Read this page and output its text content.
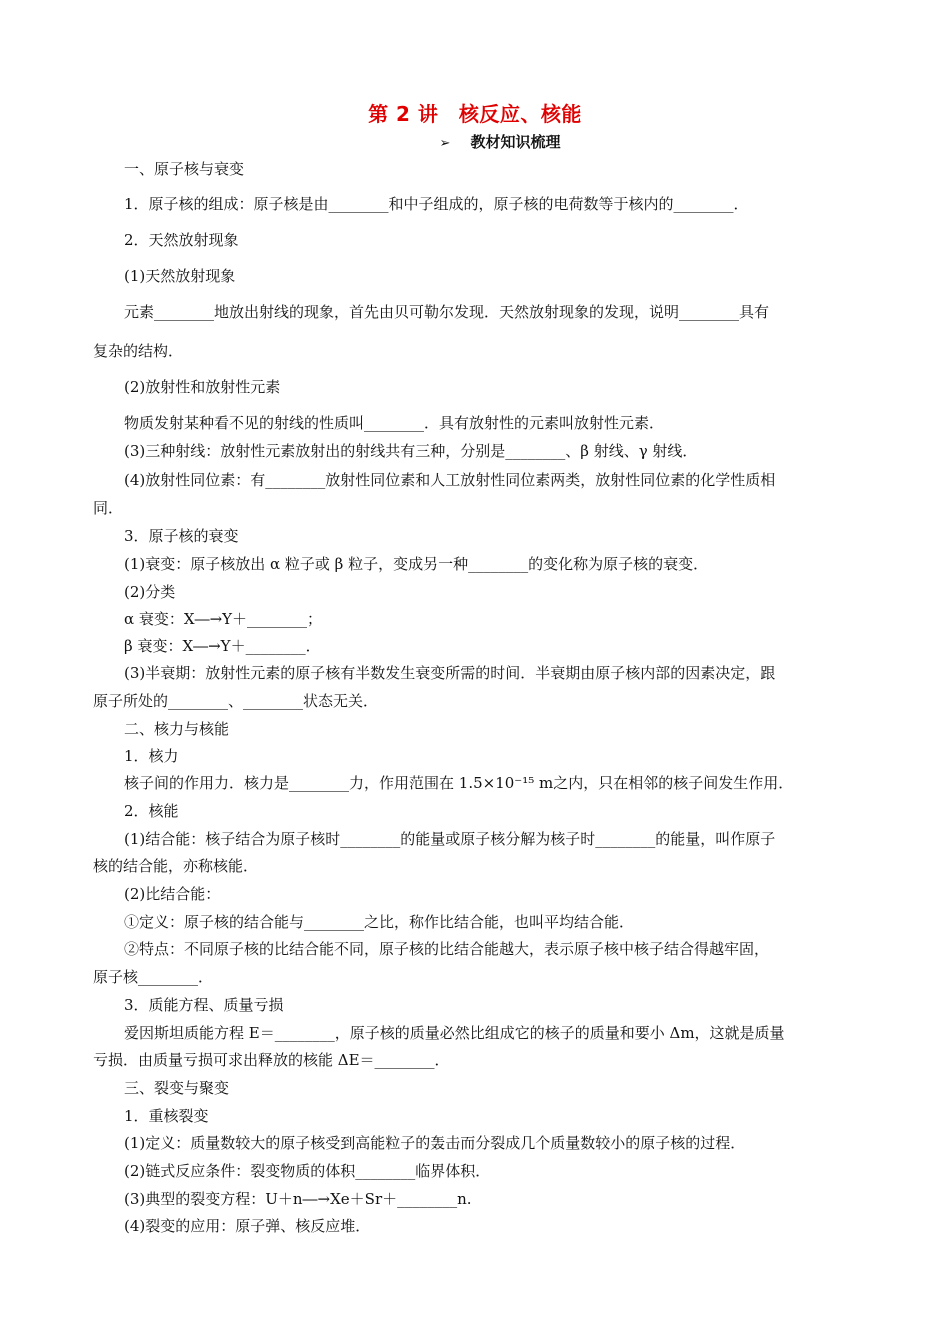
第 2 讲　核反应、核能
➢ 教材知识梳理
一、原子核与衰变
1．原子核的组成：原子核是由________和中子组成的，原子核的电荷数等于核内的________．
2．天然放射现象
(1)天然放射现象
元素________地放出射线的现象，首先由贝可勒尔发现．天然放射现象的发现，说明________具有
复杂的结构．
(2)放射性和放射性元素
物质发射某种看不见的射线的性质叫________．具有放射性的元素叫放射性元素．
(3)三种射线：放射性元素放射出的射线共有三种，分别是________、β 射线、γ 射线．
(4)放射性同位素：有________放射性同位素和人工放射性同位素两类，放射性同位素的化学性质相
同．
3．原子核的衰变
(1)衰变：原子核放出 α 粒子或 β 粒子，变成另一种________的变化称为原子核的衰变．
(2)分类
α 衰变：X―→Y＋________；
β 衰变：X―→Y＋________．
(3)半衰期：放射性元素的原子核有半数发生衰变所需的时间．半衰期由原子核内部的因素决定，跟
原子所处的________、________状态无关．
二、核力与核能
1．核力
核子间的作用力．核力是________力，作用范围在 1.5×10⁻¹⁵ m之内，只在相邻的核子间发生作用．
2．核能
(1)结合能：核子结合为原子核时________的能量或原子核分解为核子时________的能量，叫作原子
核的结合能，亦称核能．
(2)比结合能：
①定义：原子核的结合能与________之比，称作比结合能，也叫平均结合能．
②特点：不同原子核的比结合能不同，原子核的比结合能越大，表示原子核中核子结合得越牢固，
原子核________．
3．质能方程、质量亏损
爱因斯坦质能方程 E＝________，原子核的质量必然比组成它的核子的质量和要小 Δm，这就是质量
亏损．由质量亏损可求出释放的核能 ΔE＝________．
三、裂变与聚变
1．重核裂变
(1)定义：质量数较大的原子核受到高能粒子的轰击而分裂成几个质量数较小的原子核的过程．
(2)链式反应条件：裂变物质的体积________临界体积．
(3)典型的裂变方程：U＋n―→Xe＋Sr＋________n.
(4)裂变的应用：原子弹、核反应堆．
